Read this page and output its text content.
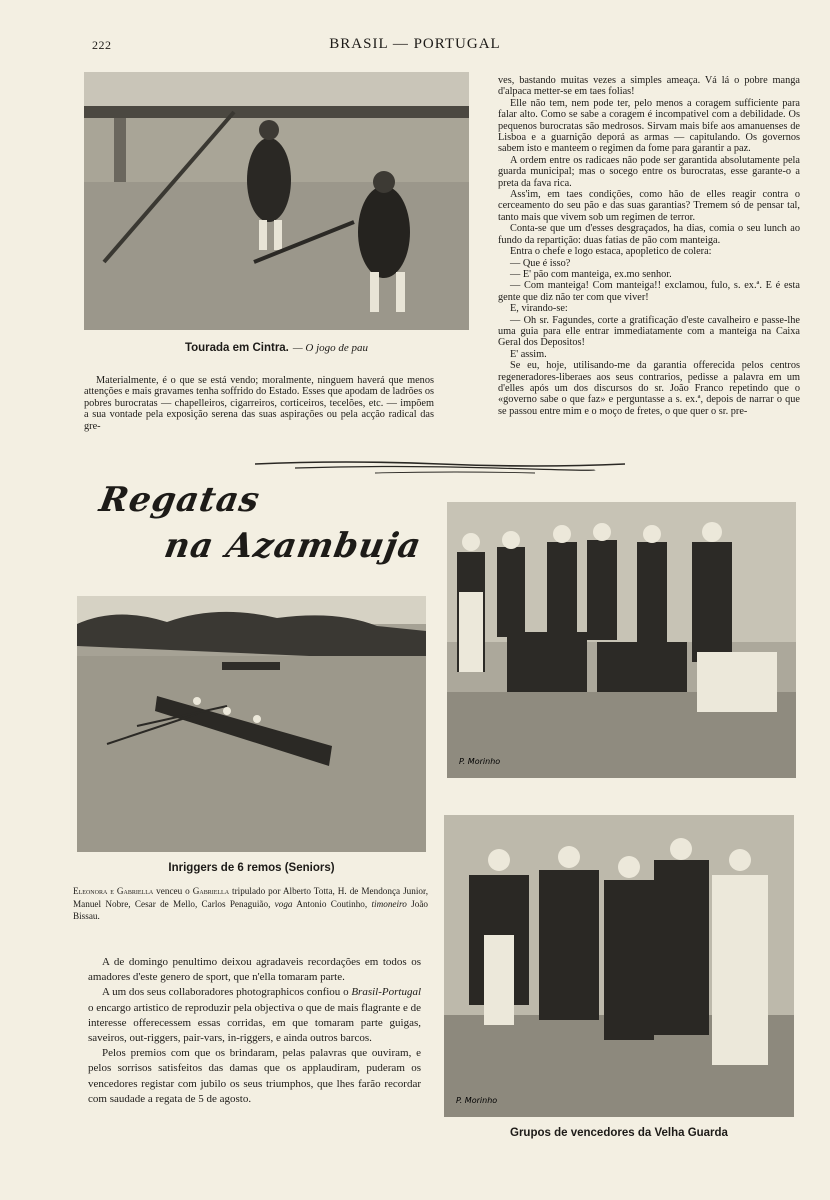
222	BRASIL — PORTUGAL
Tourada em Cintra. — O jogo de pau

Materialmente, é o que se está vendo; moralmente, ninguem haverá que menos attenções e mais gravames tenha soffrido do Estado. Esses que apodam de ladrões os pobres burocratas — chapelleiros, cigarreiros, corticeiros, tecelões, etc. — impõem a sua vontade pela exposição serena das suas aspirações ou pela acção radical das gre-

ves, bastando muitas vezes a simples ameaça. Vá lá o pobre manga d'alpaca metter-se em taes folias!

Elle não tem, nem pode ter, pelo menos a coragem sufficiente para falar alto. Como se sabe a coragem é incompativel com a debilidade. Os pequenos burocratas são medrosos. Sirvam mais bife aos amanuenses de Lisboa e a guarnição deporá as armas — capitulando. Os governos sabem isto e manteem o regimen da fome para garantir a paz.

A ordem entre os radicaes não pode ser garantida absolutamente pela guarda municipal; mas o socego entre os burocratas, esse garante-o a preta da fava rica.

Ass'im, em taes condições, como hão de elles reagir contra o cerceamento do seu pão e das suas garantias? Tremem só de pensar tal, tanto mais que vivem sob um regimen de terror.

Conta-se que um d'esses desgraçados, ha dias, comia o seu lunch ao fundo da repartição: duas fatias de pão com manteiga.

Entra o chefe e logo estaca, apopletico de colera:

— Que é isso?

— E' pão com manteiga, ex.mo senhor.

— Com manteiga! Com manteiga!! exclamou, fulo, s. ex.ª. E é esta gente que diz não ter com que viver!

E, virando-se:

— Oh sr. Fagundes, corte a gratificação d'este cavalheiro e passe-lhe uma guia para elle entrar immediatamente com a manteiga na Caixa Geral dos Depositos!

E' assim.

Se eu, hoje, utilisando-me da garantia offerecida pelos centros regeneradores-liberaes aos seus contrarios, pedisse a palavra em um d'elles após um dos discursos do sr. João Franco repetindo que o «governo sabe o que faz» e perguntasse a s. ex.ª, depois de narrar o que se passou entre mim e o moço de fretes, o que quer o sr. pre-

Regatas
na Azambuja
Inriggers de 6 remos (Seniors)
Eleonora e Gabriella venceu o Gabriella tripulado por Alberto Totta, H. de Mendonça Junior, Manuel Nobre, Cesar de Mello, Carlos Penaguião, voga Antonio Coutinho, timoneiro João Bissau.

A de domingo penultimo deixou agradaveis recordações em todos os amadores d'este genero de sport, que n'ella tomaram parte.

A um dos seus collaboradores photographicos confiou o Brasil-Portugal o encargo artistico de reproduzir pela objectiva o que de mais flagrante e de interesse offerecessem essas corridas, em que tomaram parte guigas, saveiros, out-riggers, pair-vars, in-riggers, e ainda outros barcos.

Pelos premios com que os brindaram, pelas palavras que ouviram, e pelos sorrisos satisfeitos das damas que os applaudiram, puderam os vencedores registar com jubilo os seus triumphos, que lhes farão recordar com saudade a regata de 5 de agosto.

P. Morinho
P. Morinho
Grupos de vencedores da Velha Guarda
